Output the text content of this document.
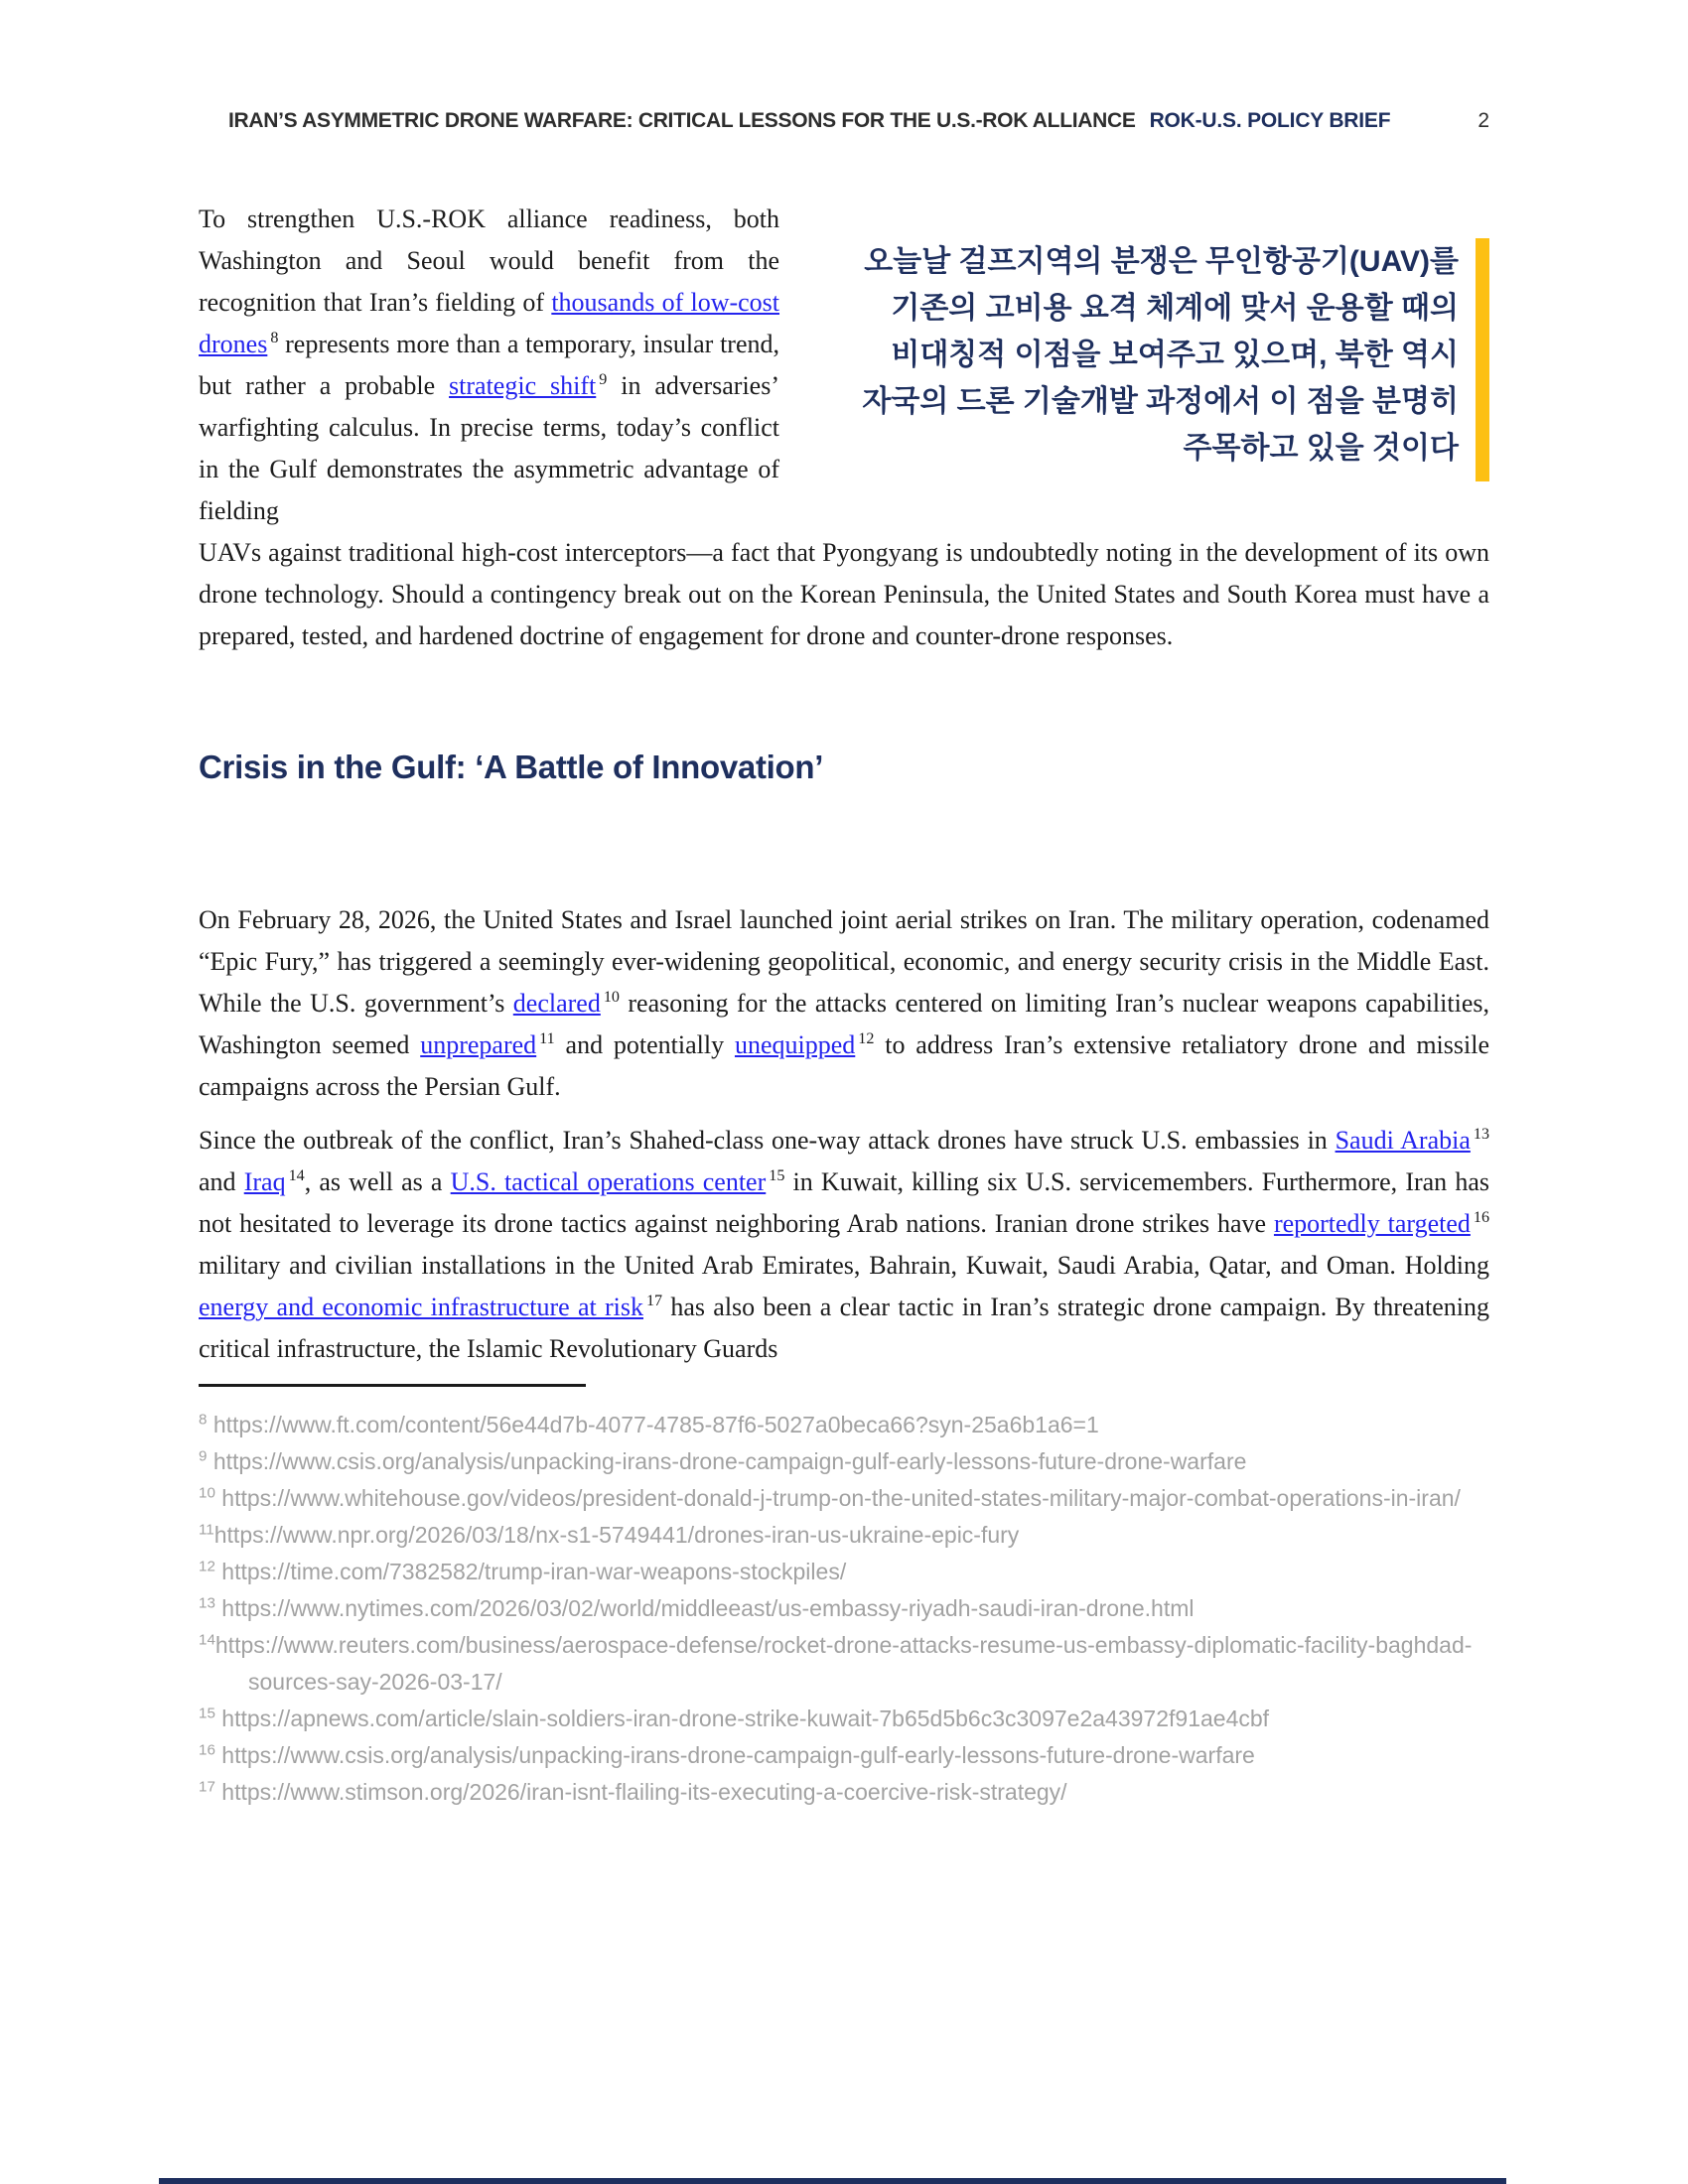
IRAN’S ASYMMETRIC DRONE WARFARE: CRITICAL LESSONS FOR THE U.S.-ROK ALLIANCE ROK-U.S. POLICY BRIEF	2

To strengthen U.S.-ROK alliance readiness, both Washington and Seoul would benefit from the recognition that Iran’s fielding of thousands of low-cost drones $^8$ represents more than a temporary, insular trend, but rather a probable strategic shift $^9$ in adversaries’ warfighting calculus. In precise terms, today’s conflict in the Gulf demonstrates the asymmetric advantage of fielding

오늘날 걸프지역의 분쟁은 무인항공기(UAV)를
기존의 고비용 요격 체계에 맞서 운용할 때의
비대칭적 이점을 보여주고 있으며, 북한 역시
자국의 드론 기술개발 과정에서 이 점을 분명히
주목하고 있을 것이다

UAVs against traditional high-cost interceptors—a fact that Pyongyang is undoubtedly noting in the development of its own drone technology. Should a contingency break out on the Korean Peninsula, the United States and South Korea must have a prepared, tested, and hardened doctrine of engagement for drone and counter-drone responses.

Crisis in the Gulf: ‘A Battle of Innovation’

On February 28, 2026, the United States and Israel launched joint aerial strikes on Iran. The military operation, codenamed “Epic Fury,” has triggered a seemingly ever-widening geopolitical, economic, and energy security crisis in the Middle East. While the U.S. government’s declared $^{10}$ reasoning for the attacks centered on limiting Iran’s nuclear weapons capabilities, Washington seemed unprepared $^{11}$ and potentially unequipped $^{12}$ to address Iran’s extensive retaliatory drone and missile campaigns across the Persian Gulf.

Since the outbreak of the conflict, Iran’s Shahed-class one-way attack drones have struck U.S. embassies in Saudi Arabia $^{13}$ and Iraq $^{14}$, as well as a U.S. tactical operations center $^{15}$ in Kuwait, killing six U.S. servicemembers. Furthermore, Iran has not hesitated to leverage its drone tactics against neighboring Arab nations. Iranian drone strikes have reportedly targeted $^{16}$ military and civilian installations in the United Arab Emirates, Bahrain, Kuwait, Saudi Arabia, Qatar, and Oman. Holding energy and economic infrastructure at risk $^{17}$ has also been a clear tactic in Iran’s strategic drone campaign. By threatening critical infrastructure, the Islamic Revolutionary Guards

$^8$ https://www.ft.com/content/56e44d7b-4077-4785-87f6-5027a0beca66?syn-25a6b1a6=1
$^9$ https://www.csis.org/analysis/unpacking-irans-drone-campaign-gulf-early-lessons-future-drone-warfare
$^{10}$ https://www.whitehouse.gov/videos/president-donald-j-trump-on-the-united-states-military-major-combat-operations-in-iran/
$^{11}$https://www.npr.org/2026/03/18/nx-s1-5749441/drones-iran-us-ukraine-epic-fury
$^{12}$ https://time.com/7382582/trump-iran-war-weapons-stockpiles/
$^{13}$ https://www.nytimes.com/2026/03/02/world/middleeast/us-embassy-riyadh-saudi-iran-drone.html
$^{14}$https://www.reuters.com/business/aerospace-defense/rocket-drone-attacks-resume-us-embassy-diplomatic-facility-baghdad-sources-say-2026-03-17/
$^{15}$ https://apnews.com/article/slain-soldiers-iran-drone-strike-kuwait-7b65d5b6c3c3097e2a43972f91ae4cbf
$^{16}$ https://www.csis.org/analysis/unpacking-irans-drone-campaign-gulf-early-lessons-future-drone-warfare
$^{17}$ https://www.stimson.org/2026/iran-isnt-flailing-its-executing-a-coercive-risk-strategy/
